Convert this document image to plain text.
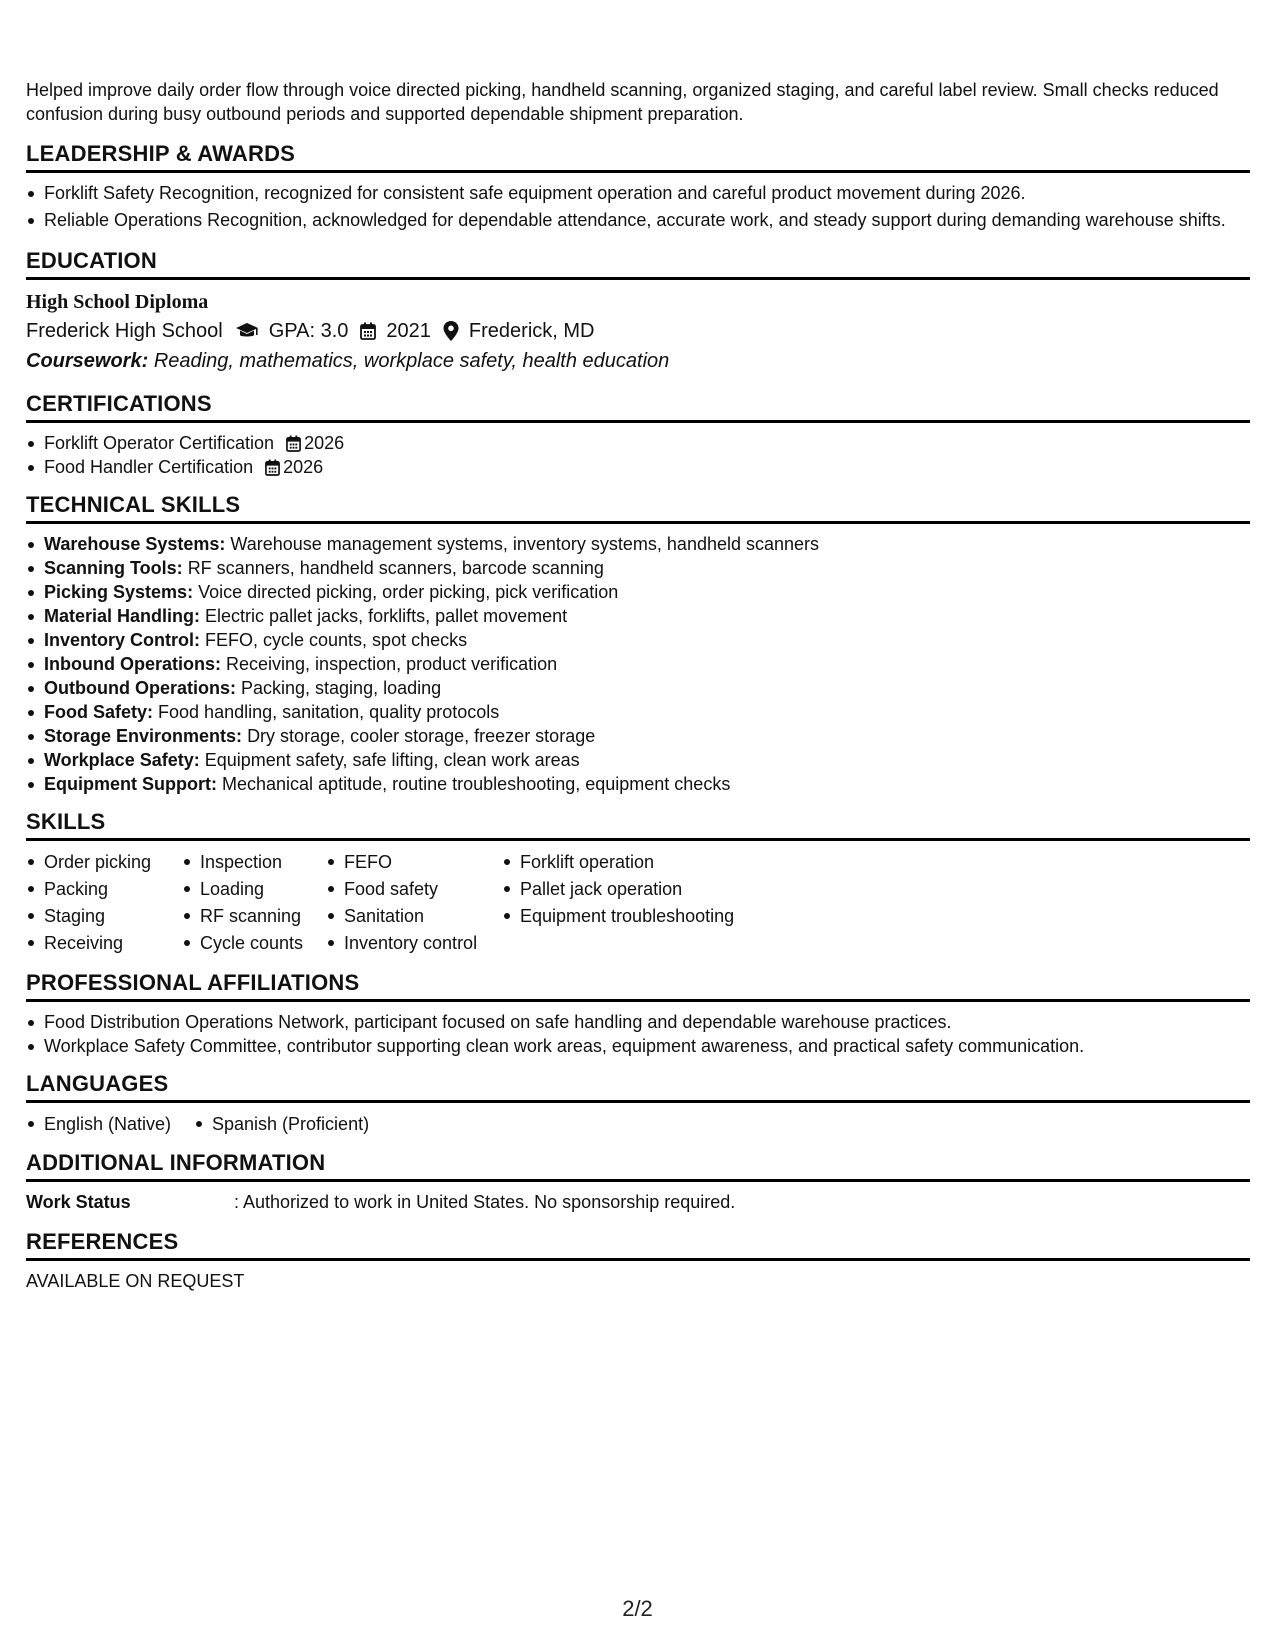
Helped improve daily order flow through voice directed picking, handheld scanning, organized staging, and careful label review. Small checks reduced confusion during busy outbound periods and supported dependable shipment preparation.

LEADERSHIP & AWARDS
Forklift Safety Recognition, recognized for consistent safe equipment operation and careful product movement during 2026.
Reliable Operations Recognition, acknowledged for dependable attendance, accurate work, and steady support during demanding warehouse shifts.
EDUCATION
High School Diploma
Frederick High School GPA: 3.0 2021 Frederick, MD
Coursework: Reading, mathematics, workplace safety, health education
CERTIFICATIONS
Forklift Operator Certification 2026
Food Handler Certification 2026
TECHNICAL SKILLS
Warehouse Systems: Warehouse management systems, inventory systems, handheld scanners
Scanning Tools: RF scanners, handheld scanners, barcode scanning
Picking Systems: Voice directed picking, order picking, pick verification
Material Handling: Electric pallet jacks, forklifts, pallet movement
Inventory Control: FEFO, cycle counts, spot checks
Inbound Operations: Receiving, inspection, product verification
Outbound Operations: Packing, staging, loading
Food Safety: Food handling, sanitation, quality protocols
Storage Environments: Dry storage, cooler storage, freezer storage
Workplace Safety: Equipment safety, safe lifting, clean work areas
Equipment Support: Mechanical aptitude, routine troubleshooting, equipment checks
SKILLS
Order picking
Packing
Staging
Receiving
Inspection
Loading
RF scanning
Cycle counts
FEFO
Food safety
Sanitation
Inventory control
Forklift operation
Pallet jack operation
Equipment troubleshooting
PROFESSIONAL AFFILIATIONS
Food Distribution Operations Network, participant focused on safe handling and dependable warehouse practices.
Workplace Safety Committee, contributor supporting clean work areas, equipment awareness, and practical safety communication.
LANGUAGES
English (Native)	Spanish (Proficient)
ADDITIONAL INFORMATION
Work Status	: Authorized to work in United States. No sponsorship required.
REFERENCES
AVAILABLE ON REQUEST
2/2
